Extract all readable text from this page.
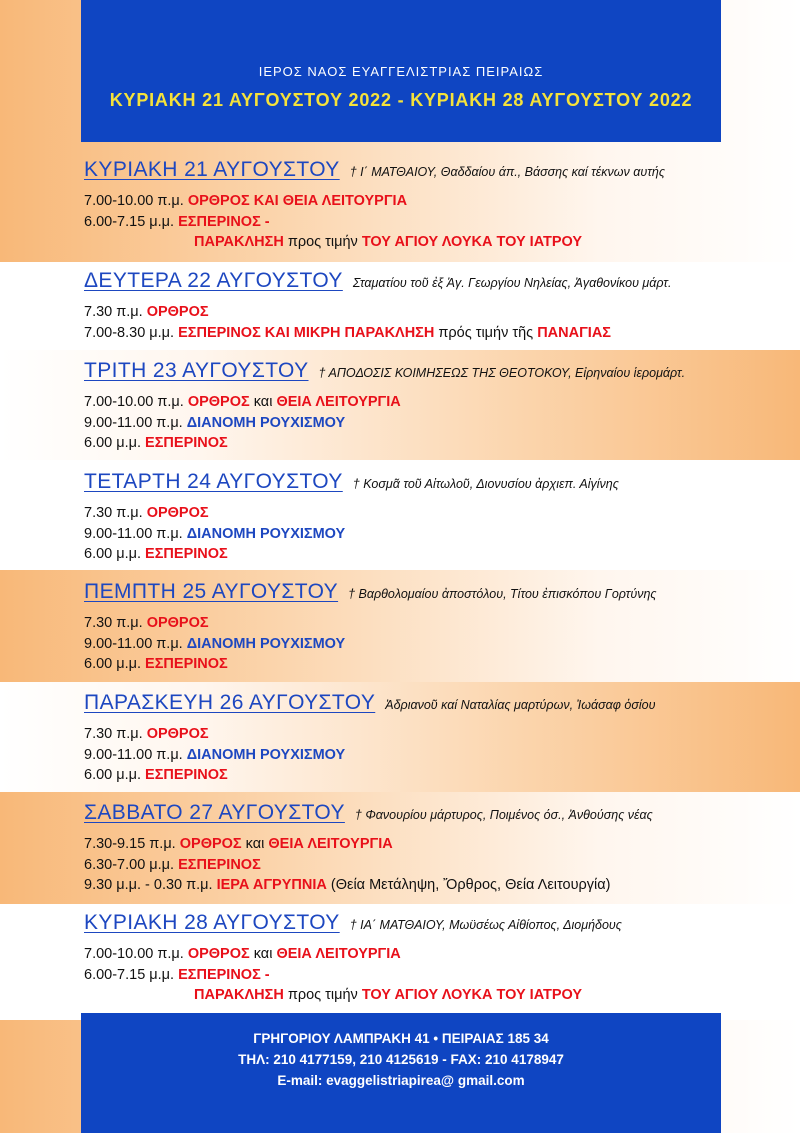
ΙΕΡΟΣ ΝΑΟΣ ΕΥΑΓΓΕΛΙΣΤΡΙΑΣ ΠΕΙΡΑΙΩΣ
ΚΥΡΙΑΚΗ 21 ΑΥΓΟΥΣΤΟΥ 2022 - ΚΥΡΙΑΚΗ 28 ΑΥΓΟΥΣΤΟΥ 2022
ΚΥΡΙΑΚΗ 21 ΑΥΓΟΥΣΤΟΥ † Ι΄ ΜΑΤΘΑΙΟΥ, Θαδδαίου άπ., Βάσσης καί τέκνων αυτής
7.00-10.00 π.μ. ΟΡΘΡΟΣ ΚΑΙ ΘΕΙΑ ΛΕΙΤΟΥΡΓΙΑ
6.00-7.15 μ.μ. ΕΣΠΕΡΙΝΟΣ -
ΠΑΡΑΚΛΗΣΗ προς τιμήν ΤΟΥ ΑΓΙΟΥ ΛΟΥΚΑ ΤΟΥ ΙΑΤΡΟΥ
ΔΕΥΤΕΡΑ 22 ΑΥΓΟΥΣΤΟΥ Σταματίου τοῦ ἐξ Ἁγ. Γεωργίου Νηλείας, Ἀγαθονίκου μάρτ.
7.30 π.μ. ΟΡΘΡΟΣ
7.00-8.30 μ.μ. ΕΣΠΕΡΙΝΟΣ ΚΑΙ ΜΙΚΡΗ ΠΑΡΑΚΛΗΣΗ πρός τιμήν τῆς ΠΑΝΑΓΙΑΣ
ΤΡΙΤΗ 23 ΑΥΓΟΥΣΤΟΥ † ΑΠΟΔΟΣΙΣ ΚΟΙΜΗΣΕΩΣ ΤΗΣ ΘΕΟΤΟΚΟΥ, Εἰρηναίου ἱερομάρτ.
7.00-10.00 π.μ. ΟΡΘΡΟΣ και ΘΕΙΑ ΛΕΙΤΟΥΡΓΙΑ
9.00-11.00 π.μ. ΔΙΑΝΟΜΗ ΡΟΥΧΙΣΜΟΥ
6.00 μ.μ. ΕΣΠΕΡΙΝΟΣ
ΤΕΤΑΡΤΗ 24 ΑΥΓΟΥΣΤΟΥ † Κοσμᾶ τοῦ Αἰτωλοῦ, Διονυσίου ἀρχιεπ. Αἰγίνης
7.30 π.μ. ΟΡΘΡΟΣ
9.00-11.00 π.μ. ΔΙΑΝΟΜΗ ΡΟΥΧΙΣΜΟΥ
6.00 μ.μ. ΕΣΠΕΡΙΝΟΣ
ΠΕΜΠΤΗ 25 ΑΥΓΟΥΣΤΟΥ † Βαρθολομαίου ἀποστόλου, Τίτου ἐπισκόπου Γορτύνης
7.30 π.μ. ΟΡΘΡΟΣ
9.00-11.00 π.μ. ΔΙΑΝΟΜΗ ΡΟΥΧΙΣΜΟΥ
6.00 μ.μ. ΕΣΠΕΡΙΝΟΣ
ΠΑΡΑΣΚΕΥΗ 26 ΑΥΓΟΥΣΤΟΥ Ἀδριανοῦ καί Ναταλίας μαρτύρων, Ἰωάσαφ ὁσίου
7.30 π.μ. ΟΡΘΡΟΣ
9.00-11.00 π.μ. ΔΙΑΝΟΜΗ ΡΟΥΧΙΣΜΟΥ
6.00 μ.μ. ΕΣΠΕΡΙΝΟΣ
ΣΑΒΒΑΤΟ 27 ΑΥΓΟΥΣΤΟΥ † Φανουρίου μάρτυρος, Ποιμένος όσ., Ἀνθούσης νέας
7.30-9.15 π.μ. ΟΡΘΡΟΣ και ΘΕΙΑ ΛΕΙΤΟΥΡΓΙΑ
6.30-7.00 μ.μ. ΕΣΠΕΡΙΝΟΣ
9.30 μ.μ. - 0.30 π.μ. ΙΕΡΑ ΑΓΡΥΠΝΙΑ (Θεία Μετάληψη, Ὄρθρος, Θεία Λειτουργία)
ΚΥΡΙΑΚΗ 28 ΑΥΓΟΥΣΤΟΥ † ΙΑ΄ ΜΑΤΘΑΙΟΥ, Μωϋσέως Αἰθίοπος, Διομήδους
7.00-10.00 π.μ. ΟΡΘΡΟΣ και ΘΕΙΑ ΛΕΙΤΟΥΡΓΙΑ
6.00-7.15 μ.μ. ΕΣΠΕΡΙΝΟΣ -
ΠΑΡΑΚΛΗΣΗ προς τιμήν ΤΟΥ ΑΓΙΟΥ ΛΟΥΚΑ ΤΟΥ ΙΑΤΡΟΥ
ΓΡΗΓΟΡΙΟΥ ΛΑΜΠΡΑΚΗ 41 • ΠΕΙΡΑΙΑΣ 185 34
ΤΗΛ: 210 4177159, 210 4125619 - FAX: 210 4178947
E-mail: evaggelistriapirea@ gmail.com
